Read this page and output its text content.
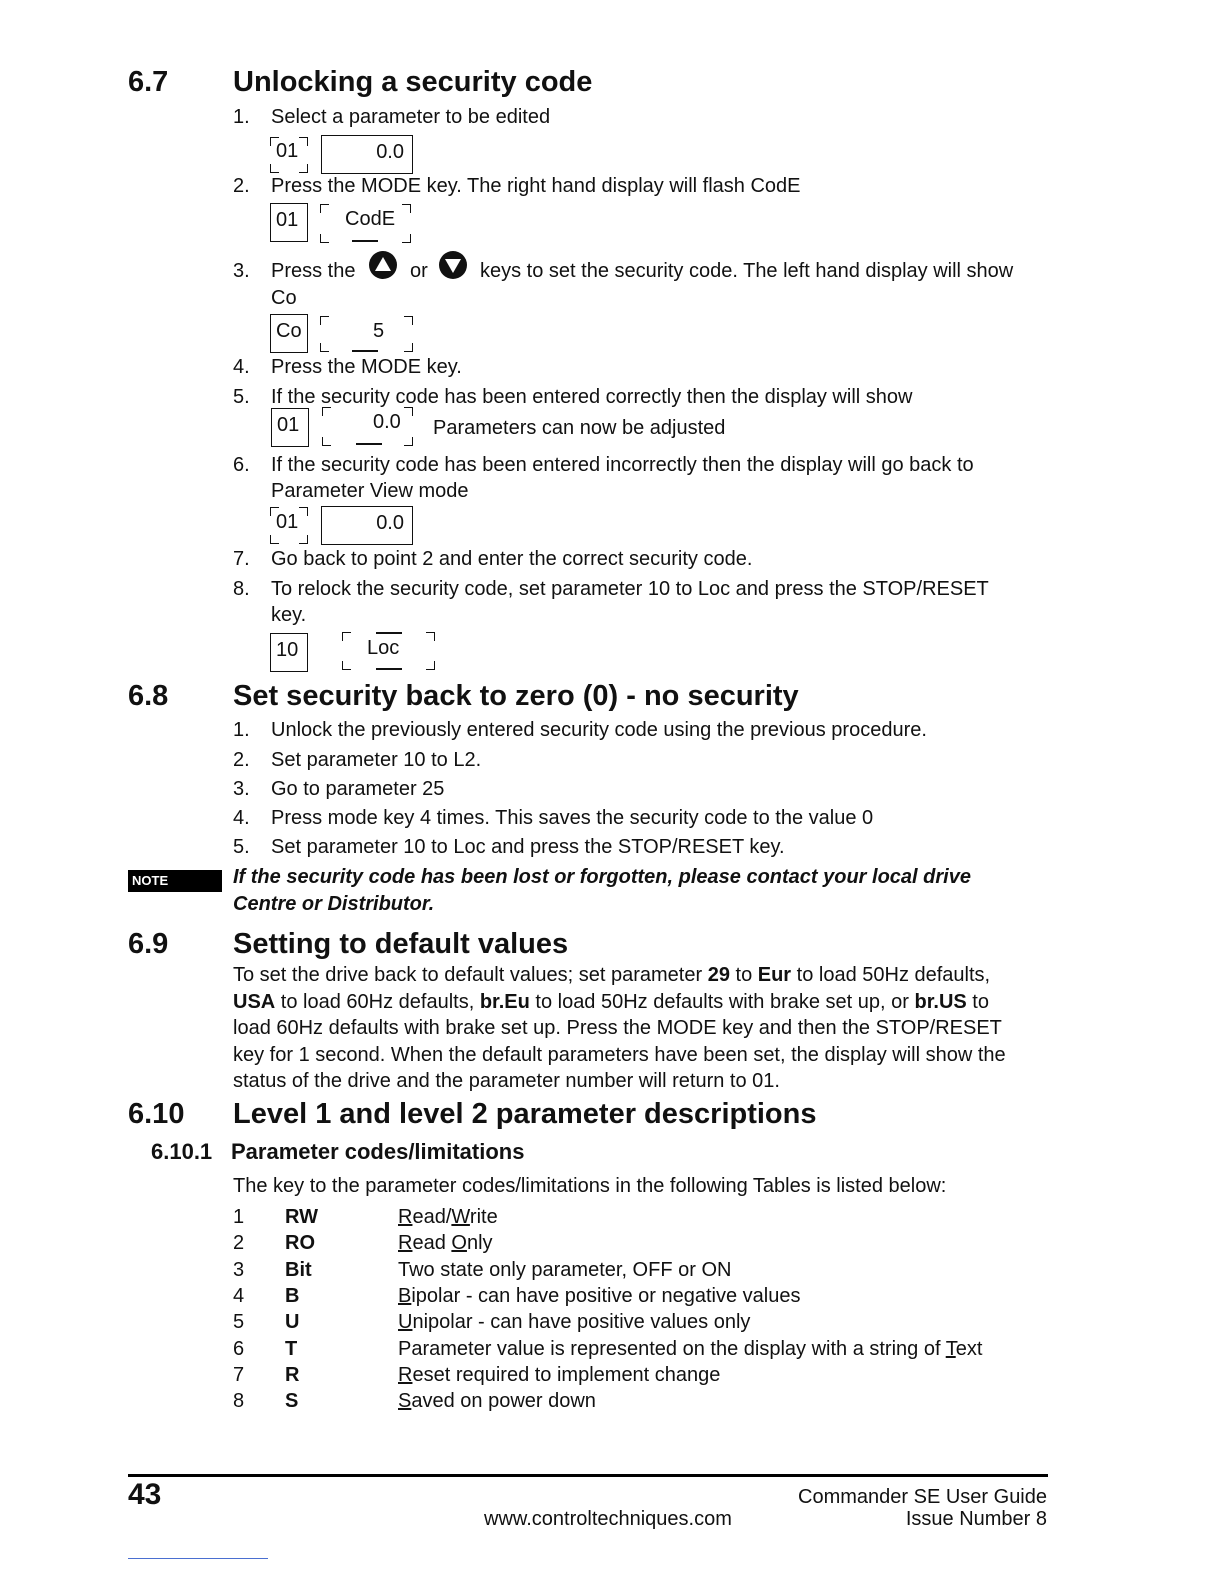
6.7 Unlocking a security code
1. Select a parameter to be edited
01	0.0
2. Press the MODE key. The right hand display will flash CodE
01 CodE
3. Press the	or	keys to set the security code. The left hand display will show
Co
Co	5
4. Press the MODE key.
5. If the security code has been entered correctly then the display will show
01	0.0 Parameters can now be adjusted
6. If the security code has been entered incorrectly then the display will go back to
Parameter View mode
01	0.0
7. Go back to point 2 and enter the correct security code.
8. To relock the security code, set parameter 10 to Loc and press the STOP/RESET
key.
10	Loc
6.8 Set security back to zero (0) - no security
1. Unlock the previously entered security code using the previous procedure.
2. Set parameter 10 to L2.
3. Go to parameter 25
4. Press mode key 4 times. This saves the security code to the value 0
5. Set parameter 10 to Loc and press the STOP/RESET key.
NOTE	If the security code has been lost or forgotten, please contact your local drive
Centre or Distributor.
6.9 Setting to default values

To set the drive back to default values; set parameter 29 to Eur to load 50Hz defaults,

USA to load 60Hz defaults, br.Eu to load 50Hz defaults with brake set up, or br.US to

load 60Hz defaults with brake set up. Press the MODE key and then the STOP/RESET

key for 1 second. When the default parameters have been set, the display will show the

status of the drive and the parameter number will return to 01.

6.10 Level 1 and level 2 parameter descriptions
6.10.1 Parameter codes/limitations
The key to the parameter codes/limitations in the following Tables is listed below:
1 RW	Read/Write
2 RO	Read Only
3 Bit	Two state only parameter, OFF or ON
4 B	Bipolar - can have positive or negative values
5 U	Unipolar - can have positive values only
6 T	Parameter value is represented on the display with a string of Text
7 R	Reset required to implement change
8 S	Saved on power down
43	Commander SE User Guide
Issue Number 8
www.controltechniques.com
